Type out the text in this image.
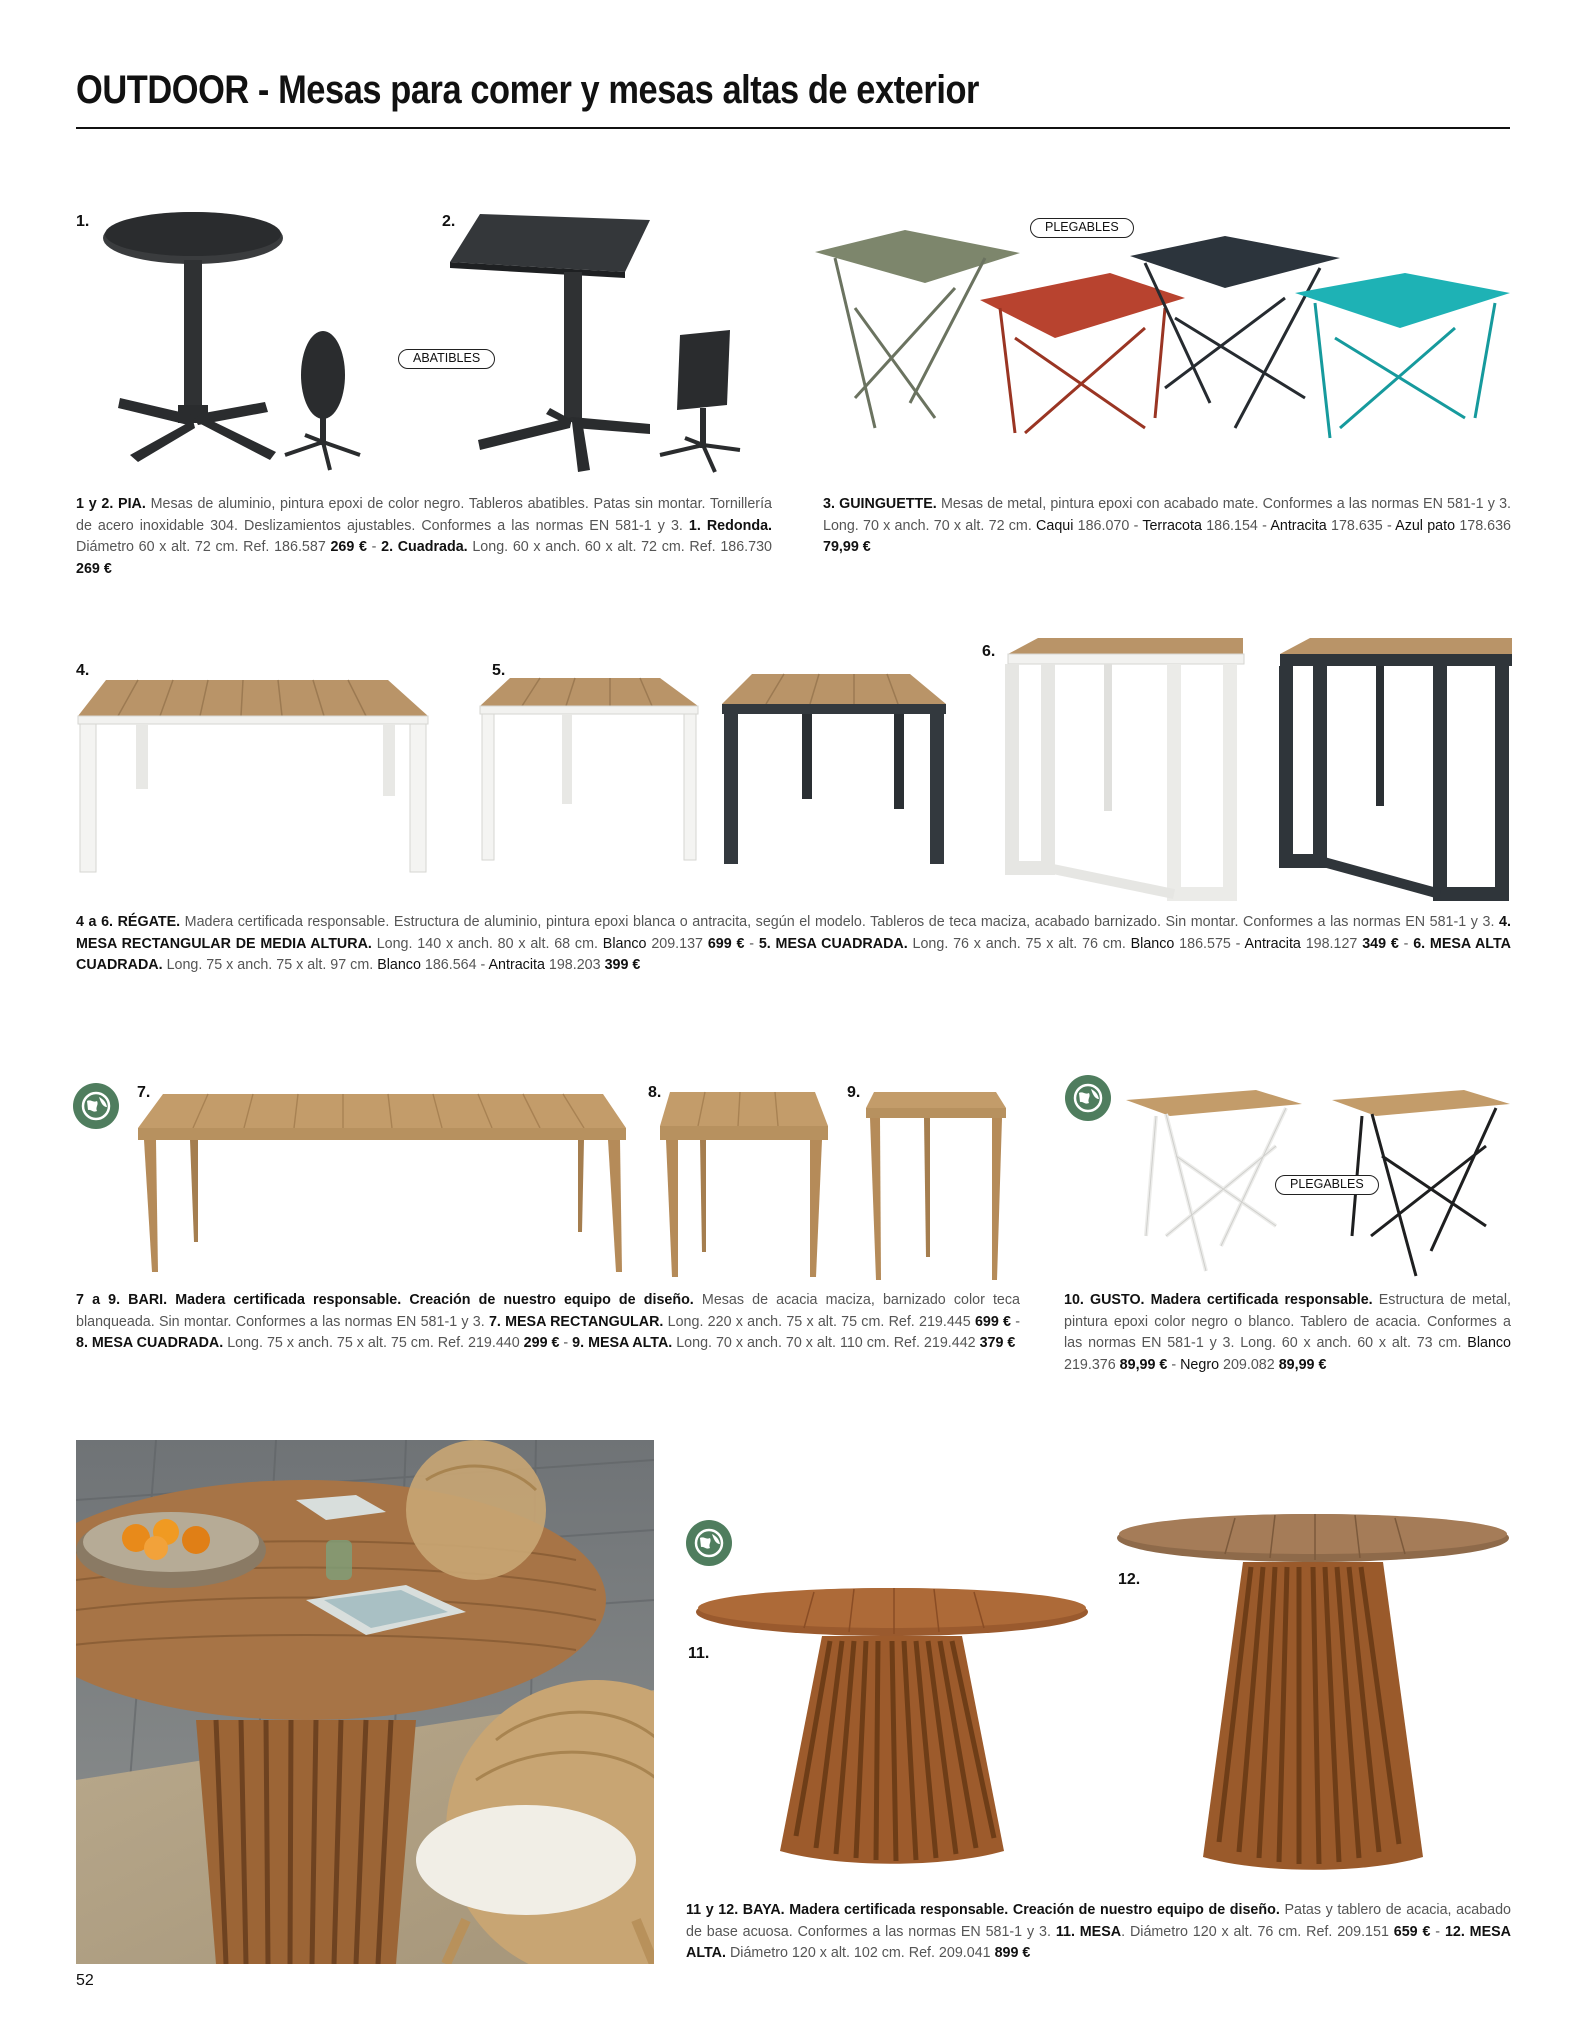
OUTDOOR - Mesas para comer y mesas altas de exterior
1.	2.
ABATIBLES
1 y 2. PIA. Mesas de aluminio, pintura epoxi de color negro. Tableros abatibles. Patas sin montar. Tornillería de acero inoxidable 304. Deslizamientos ajustables. Conformes a las normas EN 581-1 y 3. 1. Redonda. Diámetro 60 x alt. 72 cm. Ref. 186.587 269 € - 2. Cuadrada. Long. 60 x anch. 60 x alt. 72 cm. Ref. 186.730 269 €
PLEGABLES
3. GUINGUETTE. Mesas de metal, pintura epoxi con acabado mate. Conformes a las normas EN 581-1 y 3. Long. 70 x anch. 70 x alt. 72 cm. Caqui 186.070 - Terracota 186.154 - Antracita 178.635 - Azul pato 178.636 79,99 €
4.	5.
6.
4 a 6. RÉGATE. Madera certificada responsable. Estructura de aluminio, pintura epoxi blanca o antracita, según el modelo. Tableros de teca maciza, acabado barnizado. Sin montar. Conformes a las normas EN 581-1 y 3. 4. MESA RECTANGULAR DE MEDIA ALTURA. Long. 140 x anch. 80 x alt. 68 cm. Blanco 209.137 699 € - 5. MESA CUADRADA. Long. 76 x anch. 75 x alt. 76 cm. Blanco 186.575 - Antracita 198.127 349 € - 6. MESA ALTA CUADRADA. Long. 75 x anch. 75 x alt. 97 cm. Blanco 186.564 - Antracita 198.203 399 €
7.	8.	9.
7 a 9. BARI. Madera certificada responsable. Creación de nuestro equipo de diseño. Mesas de acacia maciza, barnizado color teca blanqueada. Sin montar. Conformes a las normas EN 581-1 y 3. 7. MESA RECTANGULAR. Long. 220 x anch. 75 x alt. 75 cm. Ref. 219.445 699 € - 8. MESA CUADRADA. Long. 75 x anch. 75 x alt. 75 cm. Ref. 219.440 299 € - 9. MESA ALTA. Long. 70 x anch. 70 x alt. 110 cm. Ref. 219.442 379 €
PLEGABLES
10. GUSTO. Madera certificada responsable. Estructura de metal, pintura epoxi color negro o blanco. Tablero de acacia. Conformes a las normas EN 581-1 y 3. Long. 60 x anch. 60 x alt. 73 cm. Blanco 219.376 89,99 € - Negro 209.082 89,99 €
11.
12.
11 y 12. BAYA. Madera certificada responsable. Creación de nuestro equipo de diseño. Patas y tablero de acacia, acabado de base acuosa. Conformes a las normas EN 581-1 y 3. 11. MESA. Diámetro 120 x alt. 76 cm. Ref. 209.151 659 € - 12. MESA ALTA. Diámetro 120 x alt. 102 cm. Ref. 209.041 899 €
52
